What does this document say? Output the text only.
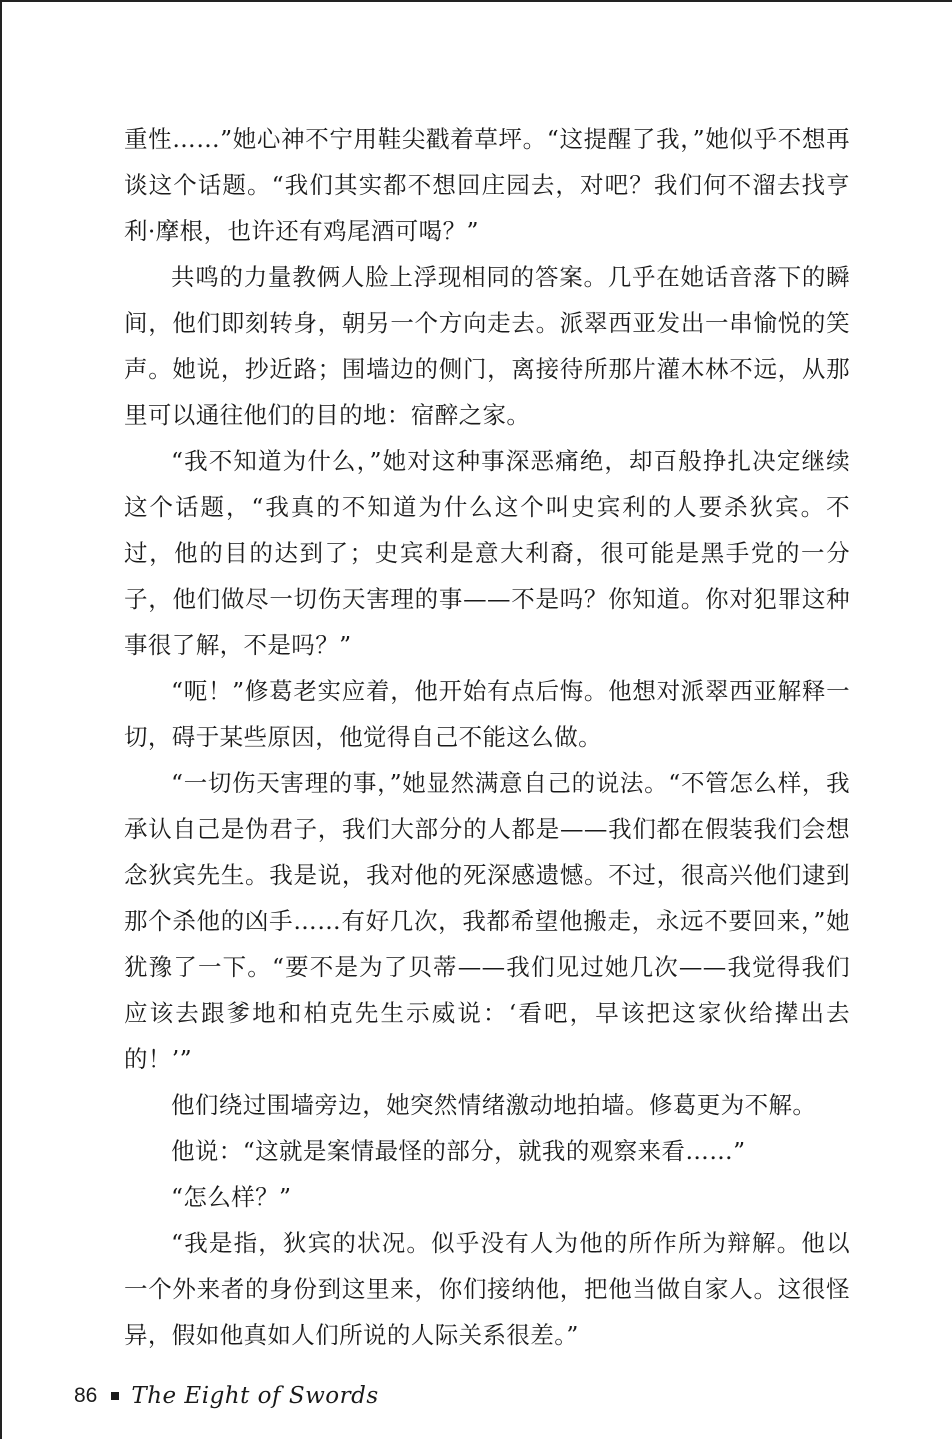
重性……”她心神不宁用鞋尖戳着草坪。“这提醒了我，”她似乎不想再谈这个话题。“我们其实都不想回庄园去，对吧？我们何不溜去找亨利·摩根，也许还有鸡尾酒可喝？”

共鸣的力量教俩人脸上浮现相同的答案。几乎在她话音落下的瞬间，他们即刻转身，朝另一个方向走去。派翠西亚发出一串愉悦的笑声。她说，抄近路；围墙边的侧门，离接待所那片灌木林不远，从那里可以通往他们的目的地：宿醉之家。

“我不知道为什么，”她对这种事深恶痛绝，却百般挣扎决定继续这个话题，“我真的不知道为什么这个叫史宾利的人要杀狄宾。不过，他的目的达到了；史宾利是意大利裔，很可能是黑手党的一分子，他们做尽一切伤天害理的事——不是吗？你知道。你对犯罪这种事很了解，不是吗？”

“呃！”修葛老实应着，他开始有点后悔。他想对派翠西亚解释一切，碍于某些原因，他觉得自己不能这么做。

“一切伤天害理的事，”她显然满意自己的说法。“不管怎么样，我承认自己是伪君子，我们大部分的人都是——我们都在假装我们会想念狄宾先生。我是说，我对他的死深感遗憾。不过，很高兴他们逮到那个杀他的凶手……有好几次，我都希望他搬走，永远不要回来，”她犹豫了一下。“要不是为了贝蒂——我们见过她几次——我觉得我们应该去跟爹地和柏克先生示威说：‘看吧，早该把这家伙给撵出去的！’”

他们绕过围墙旁边，她突然情绪激动地拍墙。修葛更为不解。

他说：“这就是案情最怪的部分，就我的观察来看……”

“怎么样？”

“我是指，狄宾的状况。似乎没有人为他的所作所为辩解。他以一个外来者的身份到这里来，你们接纳他，把他当做自家人。这很怪异，假如他真如人们所说的人际关系很差。”

86 The Eight of Swords
